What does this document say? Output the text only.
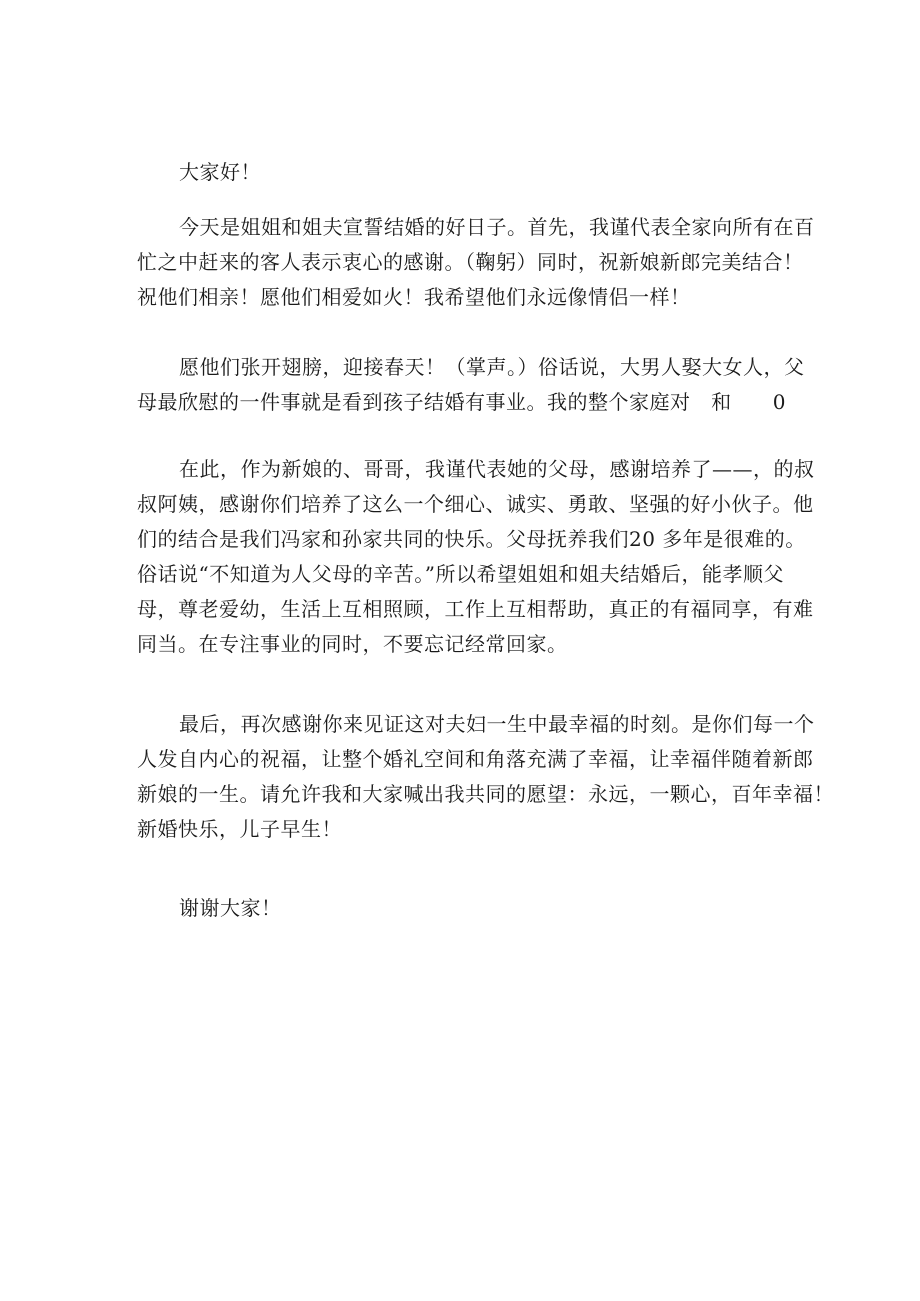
大家好！
今天是姐姐和姐夫宣誓结婚的好日子。首先，我谨代表全家向所有在百
忙之中赶来的客人表示衷心的感谢。（鞠躬）同时，祝新娘新郎完美结合！
祝他们相亲！愿他们相爱如火！我希望他们永远像情侣一样！
愿他们张开翅膀，迎接春天！（掌声。）俗话说，大男人娶大女人，父
母最欣慰的一件事就是看到孩子结婚有事业。我的整个家庭对   和      0
在此，作为新娘的、哥哥，我谨代表她的父母，感谢培养了——，的叔
叔阿姨，感谢你们培养了这么一个细心、诚实、勇敢、坚强的好小伙子。他
们的结合是我们冯家和孙家共同的快乐。父母抚养我们20 多年是很难的。
俗话说“不知道为人父母的辛苦。”所以希望姐姐和姐夫结婚后，能孝顺父
母，尊老爱幼，生活上互相照顾，工作上互相帮助，真正的有福同享，有难
同当。在专注事业的同时，不要忘记经常回家。
最后，再次感谢你来见证这对夫妇一生中最幸福的时刻。是你们每一个
人发自内心的祝福，让整个婚礼空间和角落充满了幸福，让幸福伴随着新郎
新娘的一生。请允许我和大家喊出我共同的愿望：永远，一颗心，百年幸福！
新婚快乐，儿子早生！
谢谢大家！
